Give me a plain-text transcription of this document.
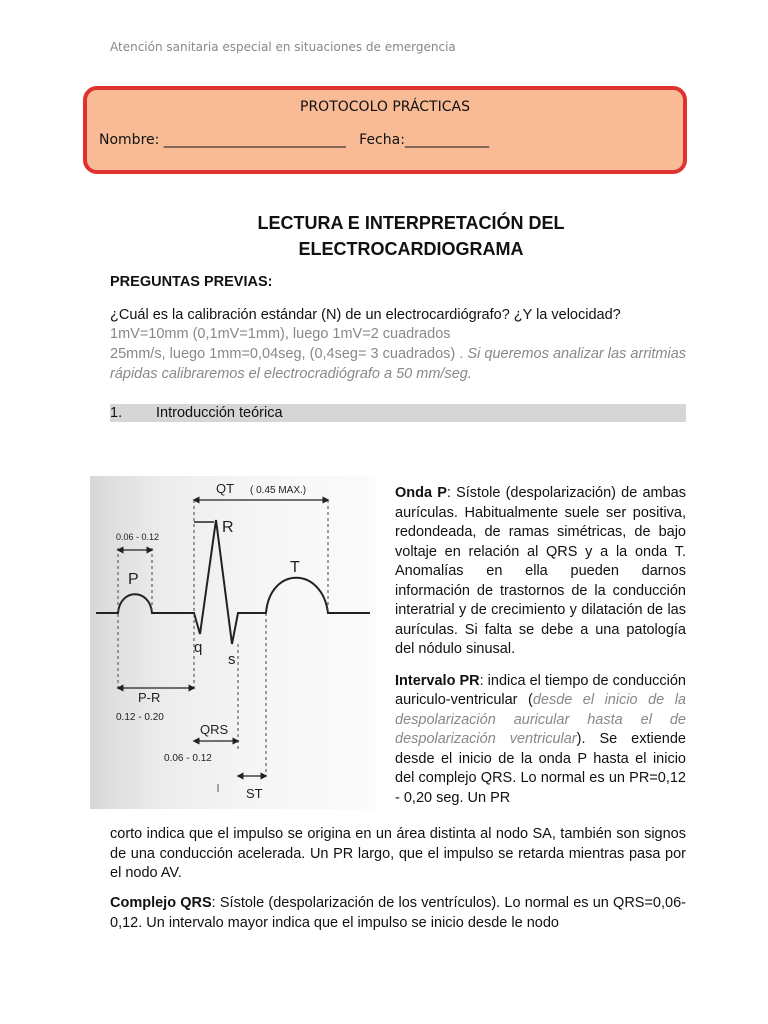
Atención sanitaria especial en situaciones de emergencia
PROTOCOLO PRÁCTICAS
Nombre: __________________________ Fecha:____________
LECTURA E INTERPRETACIÓN DEL
ELECTROCARDIOGRAMA
PREGUNTAS PREVIAS:
¿Cuál es la calibración estándar (N) de un electrocardiógrafo? ¿Y la velocidad?
1mV=10mm (0,1mV=1mm), luego 1mV=2 cuadrados
25mm/s, luego 1mm=0,04seg, (0,4seg= 3 cuadrados) . Si queremos analizar las arritmias rápidas calibraremos el electrocradiógrafo a 50 mm/seg.
1. Introducción teórica
QT ( 0.45 MAX.)
0.06 - 0.12
R
P
T
q
s
P-R
0.12 - 0.20
QRS
0.06 - 0.12
ST

Onda P: Sístole (despolarización) de ambas aurículas. Habitualmente suele ser positiva, redondeada, de ramas simétricas, de bajo voltaje en relación al QRS y a la onda T. Anomalías en ella pueden darnos información de trastornos de la conducción interatrial y de crecimiento y dilatación de las aurículas. Si falta se debe a una patología del nódulo sinusal.

Intervalo PR: indica el tiempo de conducción auriculo-ventricular (desde el inicio de la despolarización auricular hasta el de despolarización ventricular). Se extiende desde el inicio de la onda P hasta el inicio del complejo QRS. Lo normal es un PR=0,12 - 0,20 seg. Un PR

corto indica que el impulso se origina en un área distinta al nodo SA, también son signos de una conducción acelerada. Un PR largo, que el impulso se retarda mientras pasa por el nodo AV.
Complejo QRS: Sístole (despolarización de los ventrículos). Lo normal es un QRS=0,06-0,12. Un intervalo mayor indica que el impulso se inicio desde le nodo
